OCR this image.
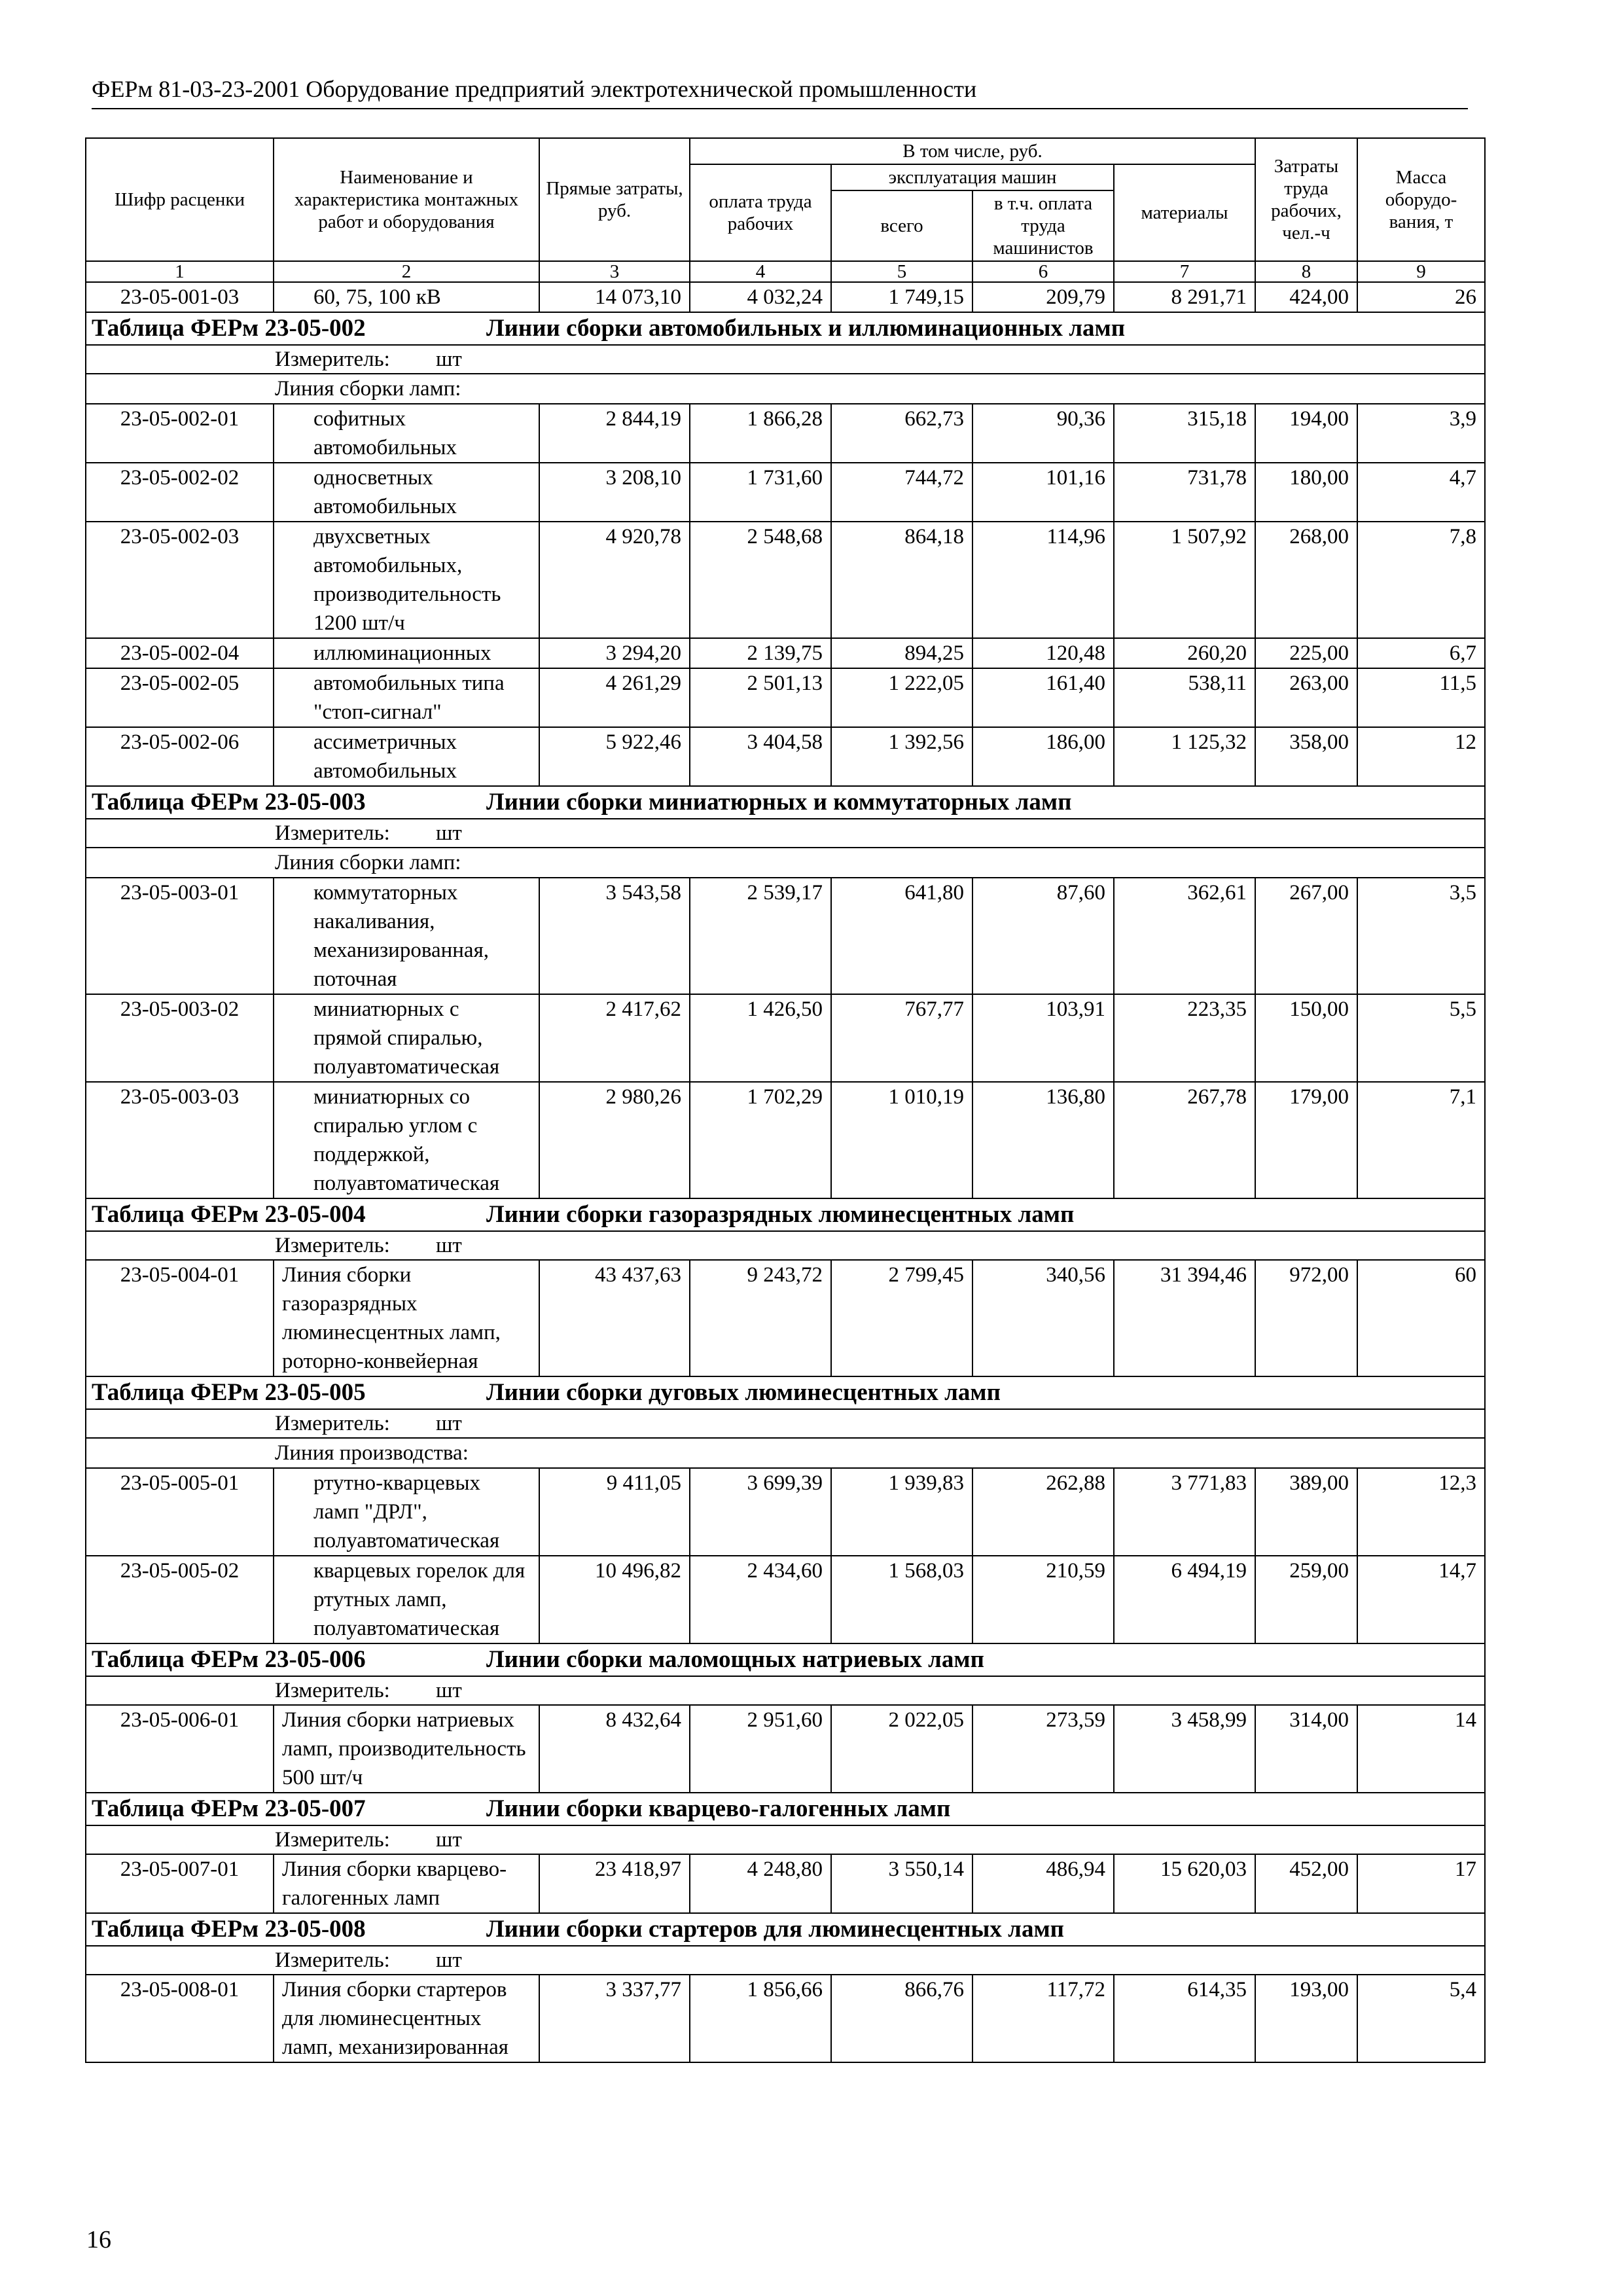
ФЕРм 81-03-23-2001 Оборудование предприятий электротехнической промышленности
Шифр расценки	Наименование и характеристика монтажных работ и оборудования	Прямые затраты, руб.	В том числе, руб.				Затраты труда рабочих, чел.-ч	Масса оборудо-вания, т
			оплата труда рабочих	эксплуатация машин		материалы		
				всего	в т.ч. оплата труда машинистов			
1	2	3	4	5	6	7	8	9
23-05-001-03	60, 75, 100 кВ	14 073,10	4 032,24	1 749,15	209,79	8 291,71	424,00	26
Таблица ФЕРм 23-05-002 Линии сборки автомобильных и иллюминационных ламп								
Измеритель: шт								
Линия сборки ламп:								
23-05-002-01	софитных автомобильных	2 844,19	1 866,28	662,73	90,36	315,18	194,00	3,9
23-05-002-02	односветных автомобильных	3 208,10	1 731,60	744,72	101,16	731,78	180,00	4,7
23-05-002-03	двухсветных автомобильных, производительность 1200 шт/ч	4 920,78	2 548,68	864,18	114,96	1 507,92	268,00	7,8
23-05-002-04	иллюминационных	3 294,20	2 139,75	894,25	120,48	260,20	225,00	6,7
23-05-002-05	автомобильных типа "стоп-сигнал"	4 261,29	2 501,13	1 222,05	161,40	538,11	263,00	11,5
23-05-002-06	ассиметричных автомобильных	5 922,46	3 404,58	1 392,56	186,00	1 125,32	358,00	12
Таблица ФЕРм 23-05-003 Линии сборки миниатюрных и коммутаторных ламп								
Измеритель: шт								
Линия сборки ламп:								
23-05-003-01	коммутаторных накаливания, механизированная, поточная	3 543,58	2 539,17	641,80	87,60	362,61	267,00	3,5
23-05-003-02	миниатюрных с прямой спиралью, полуавтоматическая	2 417,62	1 426,50	767,77	103,91	223,35	150,00	5,5
23-05-003-03	миниатюрных со спиралью углом с поддержкой, полуавтоматическая	2 980,26	1 702,29	1 010,19	136,80	267,78	179,00	7,1
Таблица ФЕРм 23-05-004 Линии сборки газоразрядных люминесцентных ламп								
Измеритель: шт								
23-05-004-01	Линия сборки газоразрядных люминесцентных ламп, роторно-конвейерная	43 437,63	9 243,72	2 799,45	340,56	31 394,46	972,00	60
Таблица ФЕРм 23-05-005 Линии сборки дуговых люминесцентных ламп								
Измеритель: шт								
Линия производства:								
23-05-005-01	ртутно-кварцевых ламп "ДРЛ", полуавтоматическая	9 411,05	3 699,39	1 939,83	262,88	3 771,83	389,00	12,3
23-05-005-02	кварцевых горелок для ртутных ламп, полуавтоматическая	10 496,82	2 434,60	1 568,03	210,59	6 494,19	259,00	14,7
Таблица ФЕРм 23-05-006 Линии сборки маломощных натриевых ламп								
Измеритель: шт								
23-05-006-01	Линия сборки натриевых ламп, производительность 500 шт/ч	8 432,64	2 951,60	2 022,05	273,59	3 458,99	314,00	14
Таблица ФЕРм 23-05-007 Линии сборки кварцево-галогенных ламп								
Измеритель: шт								
23-05-007-01	Линия сборки кварцево-галогенных ламп	23 418,97	4 248,80	3 550,14	486,94	15 620,03	452,00	17
Таблица ФЕРм 23-05-008 Линии сборки стартеров для люминесцентных ламп								
Измеритель: шт								
23-05-008-01	Линия сборки стартеров для люминесцентных ламп, механизированная	3 337,77	1 856,66	866,76	117,72	614,35	193,00	5,4
16
